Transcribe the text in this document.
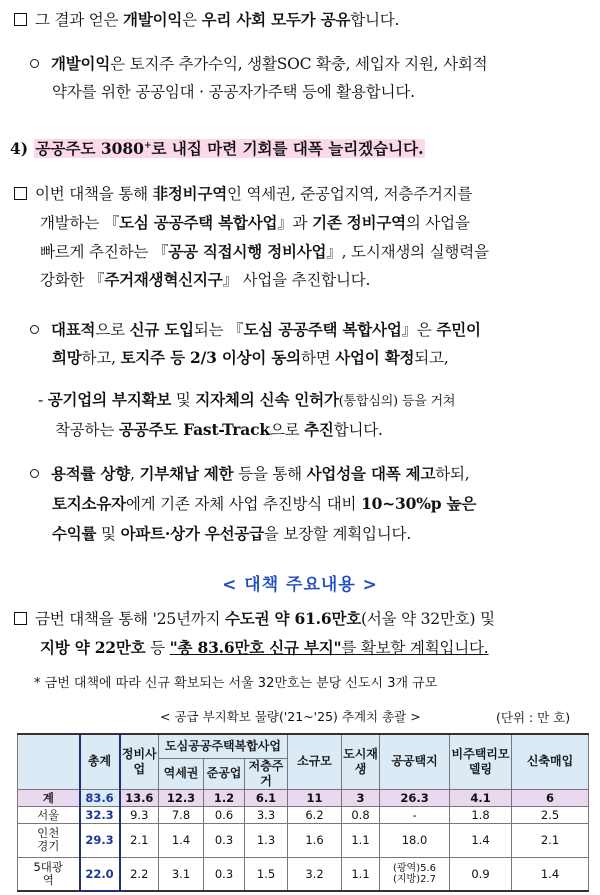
그 결과 얻은 개발이익은 우리 사회 모두가 공유합니다.
개발이익은 토지주 추가수익, 생활SOC 확충, 세입자 지원, 사회적
약자를 위한 공공임대 · 공공자가주택 등에 활용합니다.
4) 공공주도 3080+로 내집 마련 기회를 대폭 늘리겠습니다.
이번 대책을 통해 非정비구역인 역세권, 준공업지역, 저층주거지를
개발하는 『도심 공공주택 복합사업』과 기존 정비구역의 사업을
빠르게 추진하는 『공공 직접시행 정비사업』, 도시재생의 실행력을
강화한 『주거재생혁신지구』 사업을 추진합니다.
대표적으로 신규 도입되는 『도심 공공주택 복합사업』은 주민이
희망하고, 토지주 등 2/3 이상이 동의하면 사업이 확정되고,
- 공기업의 부지확보 및 지자체의 신속 인허가(통합심의) 등을 거쳐
착공하는 공공주도 Fast-Track으로 추진합니다.
용적률 상향, 기부채납 제한 등을 통해 사업성을 대폭 제고하되,
토지소유자에게 기존 자체 사업 추진방식 대비 10~30%p 높은
수익률 및 아파트·상가 우선공급을 보장할 계획입니다.
< 대책 주요내용 >
금번 대책을 통해 '25년까지 수도권 약 61.6만호(서울 약 32만호) 및
지방 약 22만호 등 "총 83.6만호 신규 부지"를 확보할 계획입니다.
* 금번 대책에 따라 신규 확보되는 서울 32만호는 분당 신도시 3개 규모
< 공급 부지확보 물량('21~'25) 추계치 총괄 >	(단위 : 만 호)
	총계	정비사업	도심공공주택복합사업			소규모	도시재생	공공택지	비주택리모델링	신축매입
			역세권	준공업	저층주거					
계	83.6	13.6	12.3	1.2	6.1	11	3	26.3	4.1	6
서울	32.3	9.3	7.8	0.6	3.3	6.2	0.8	-	1.8	2.5
인천경기	29.3	2.1	1.4	0.3	1.3	1.6	1.1	18.0	1.4	2.1
5대광역	22.0	2.2	3.1	0.3	1.5	3.2	1.1	(광역)5.6 (지방)2.7	0.9	1.4
